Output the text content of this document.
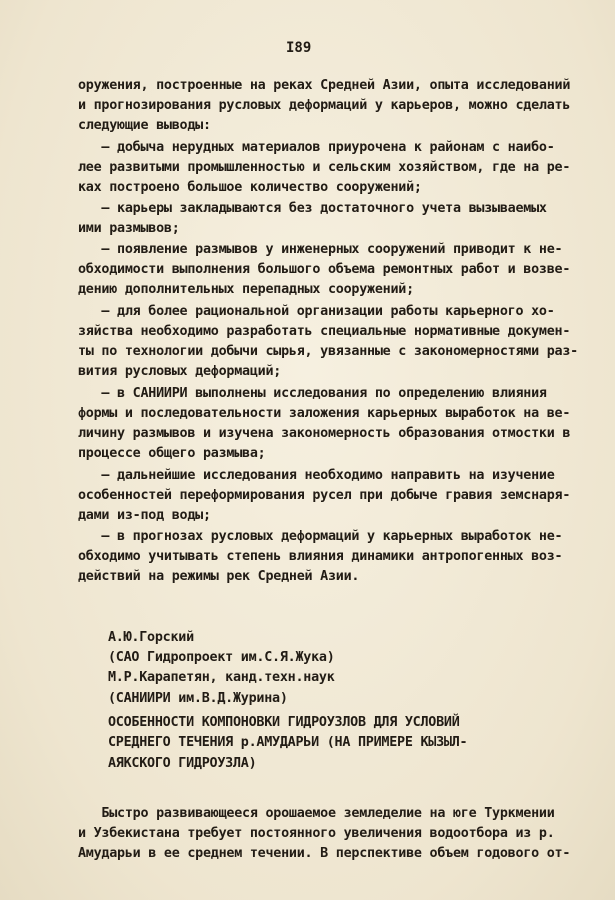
I89
оружения, построенные на реках Средней Азии, опыта исследований
и прогнозирования русловых деформаций у карьеров, можно сделать
следующие выводы:
– добыча нерудных материалов приурочена к районам с наибо-
лее развитыми промышленностью и сельским хозяйством, где на ре-
ках построено большое количество сооружений;
– карьеры закладываются без достаточного учета вызываемых
ими размывов;
– появление размывов у инженерных сооружений приводит к не-
обходимости выполнения большого объема ремонтных работ и возве-
дению дополнительных перепадных сооружений;
– для более рациональной организации работы карьерного хо-
зяйства необходимо разработать специальные нормативные докумен-
ты по технологии добычи сырья, увязанные с закономерностями раз-
вития русловых деформаций;
– в САНИИРИ выполнены исследования по определению влияния
формы и последовательности заложения карьерных выработок на ве-
личину размывов и изучена закономерность образования отмостки в
процессе общего размыва;
– дальнейшие исследования необходимо направить на изучение
особенностей переформирования русел при добыче гравия земснаря-
дами из-под воды;
– в прогнозах русловых деформаций у карьерных выработок не-
обходимо учитывать степень влияния динамики антропогенных воз-
действий на режимы рек Средней Азии.
А.Ю.Горский
(САО Гидропроект им.С.Я.Жука)
М.Р.Карапетян, канд.техн.наук
(САНИИРИ им.В.Д.Журина)
ОСОБЕННОСТИ КОМПОНОВКИ ГИДРОУЗЛОВ ДЛЯ УСЛОВИЙ
СРЕДНЕГО ТЕЧЕНИЯ р.АМУДАРЬИ (НА ПРИМЕРЕ КЫЗЫЛ-
АЯКСКОГО ГИДРОУЗЛА)
Быстро развивающееся орошаемое земледелие на юге Туркмении
и Узбекистана требует постоянного увеличения водоотбора из р.
Амударьи в ее среднем течении. В перспективе объем годового от-
